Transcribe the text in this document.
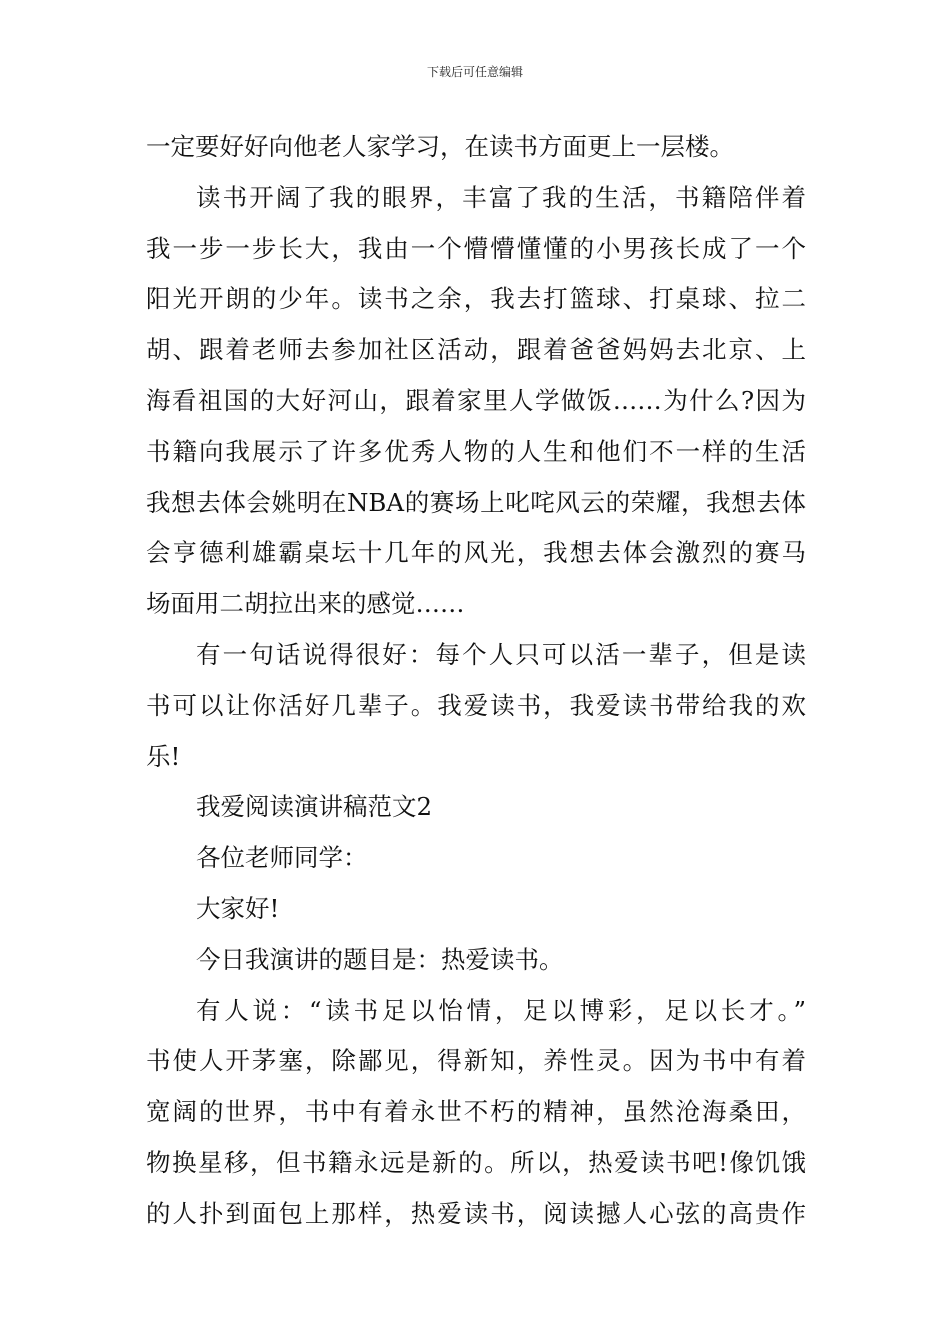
下载后可任意编辑
一定要好好向他老人家学习，在读书方面更上一层楼。
读书开阔了我的眼界，丰富了我的生活，书籍陪伴着
我一步一步长大，我由一个懵懵懂懂的小男孩长成了一个
阳光开朗的少年。读书之余，我去打篮球、打桌球、拉二
胡、跟着老师去参加社区活动，跟着爸爸妈妈去北京、上
海看祖国的大好河山，跟着家里人学做饭……为什么?因为
书籍向我展示了许多优秀人物的人生和他们不一样的生活
我想去体会姚明在NBA的赛场上叱咤风云的荣耀，我想去体
会亨德利雄霸桌坛十几年的风光，我想去体会激烈的赛马
场面用二胡拉出来的感觉……
有一句话说得很好：每个人只可以活一辈子，但是读
书可以让你活好几辈子。我爱读书，我爱读书带给我的欢
乐!
我爱阅读演讲稿范文2
各位老师同学：
大家好!
今日我演讲的题目是：热爱读书。
有人说：“读书足以怡情，足以博彩，足以长才。”
书使人开茅塞，除鄙见，得新知，养性灵。因为书中有着
宽阔的世界，书中有着永世不朽的精神，虽然沧海桑田，
物换星移，但书籍永远是新的。所以，热爱读书吧!像饥饿
的人扑到面包上那样，热爱读书，阅读撼人心弦的高贵作
